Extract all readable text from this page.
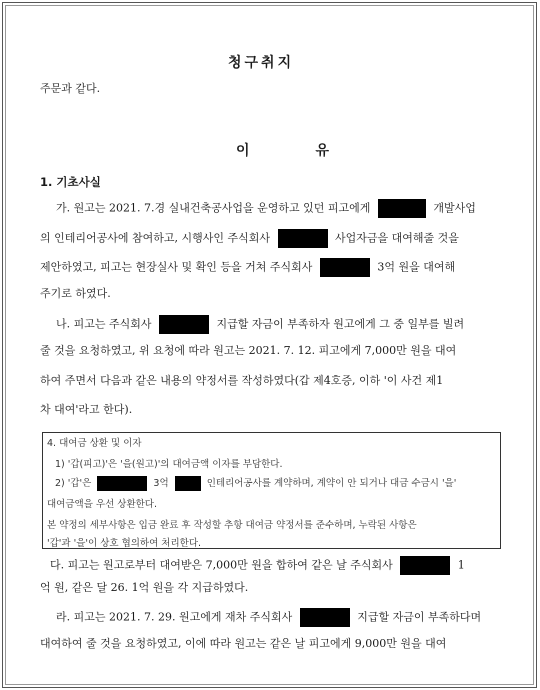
청구취지
주문과 같다.
이        유
1. 기초사실
가. 원고는 2021. 7.경 실내건축공사업을 운영하고 있던 피고에게	개발사업
의 인테리어공사에 참여하고, 시행사인 주식회사	사업자금을 대여해줄 것을
제안하였고, 피고는 현장실사 및 확인 등을 거쳐 주식회사	3억 원을 대여해
주기로 하였다.
나. 피고는 주식회사	지급할 자금이 부족하자 원고에게 그 중 일부를 빌려
줄 것을 요청하였고, 위 요청에 따라 원고는 2021. 7. 12. 피고에게 7,000만 원을 대여
하여 주면서 다음과 같은 내용의 약정서를 작성하였다(갑 제4호증, 이하 '이 사건 제1
차 대여'라고 한다).
4. 대여금 상환 및 이자
1) '갑(피고)'은 '을(원고)'의 대여금액 이자를 부담한다.
2) '갑'은	3억	인테리어공사를 계약하며, 계약이 안 되거나 대금 수금시 '을'
대여금액을 우선 상환한다.
본 약정의 세부사항은 입금 완료 후 작성할 추항 대여금 약정서를 준수하며, 누락된 사항은
'갑'과 '을'이 상호 협의하여 처리한다.
다. 피고는 원고로부터 대여받은 7,000만 원을 합하여 같은 날 주식회사	1
억 원, 같은 달 26. 1억 원을 각 지급하였다.
라. 피고는 2021. 7. 29. 원고에게 재차 주식회사	지급할 자금이 부족하다며
대여하여 줄 것을 요청하였고, 이에 따라 원고는 같은 날 피고에게 9,000만 원을 대여
